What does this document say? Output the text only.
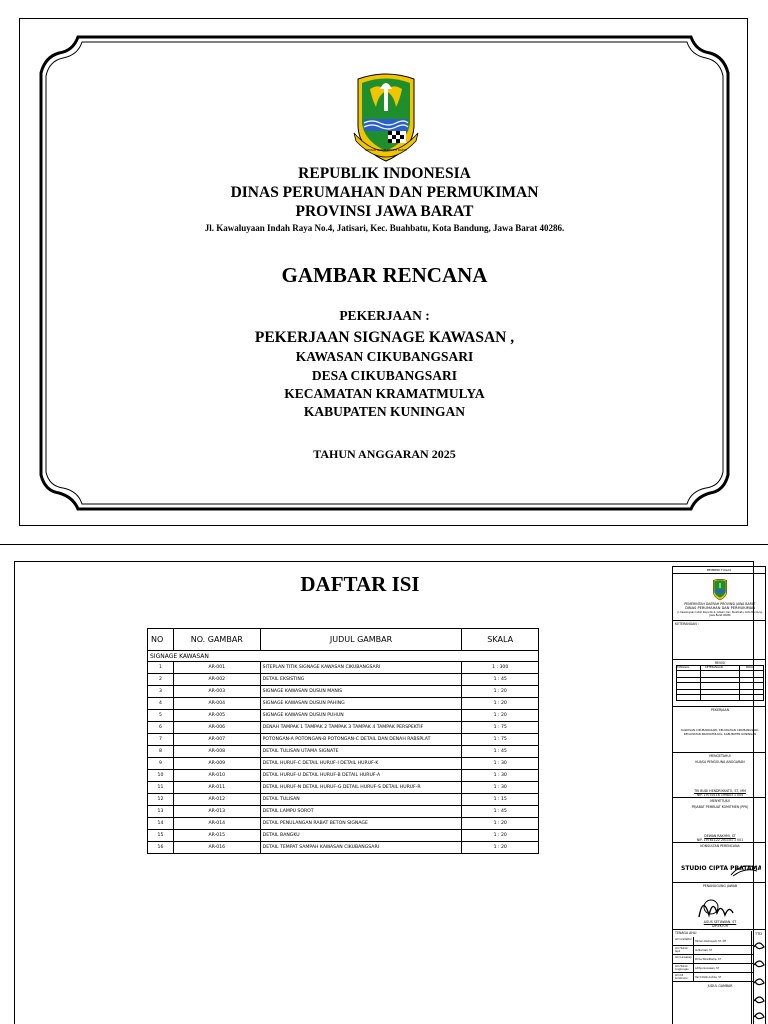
GEMAH RIPAH REPEH RAPIH
REPUBLIK INDONESIA
DINAS PERUMAHAN DAN PERMUKIMAN
PROVINSI JAWA BARAT
Jl. Kawaluyaan Indah Raya No.4, Jatisari, Kec. Buahbatu, Kota Bandung, Jawa Barat 40286.
GAMBAR RENCANA
PEKERJAAN :
PEKERJAAN SIGNAGE KAWASAN ,
KAWASAN CIKUBANGSARI
DESA CIKUBANGSARI
KECAMATAN KRAMATMULYA
KABUPATEN KUNINGAN
TAHUN ANGGARAN 2025
DAFTAR ISI
NO	NO. GAMBAR	JUDUL GAMBAR	SKALA
SIGNAGE KAWASAN			
1	AR-001	SITEPLAN TITIK SIGNAGE KAWASAN CIKUBANGSARI	1 : 300
2	AR-002	DETAIL EKSISTING	1 : 45
3	AR-003	SIGNAGE KAWASAN DUSUN MANIS	1 : 20
4	AR-004	SIGNAGE KAWASAN DUSUN PAHING	1 : 20
5	AR-005	SIGNAGE KAWASAN DUSUN PUHUN	1 : 20
6	AR-006	DENAH TAMPAK 1 TAMPAK 2 TAMPAK 3 TAMPAK 4 TAMPAK PERSPEKTIF	1 : 75
7	AR-007	POTONGAN-A POTONGAN-B POTONGAN-C DETAIL DAN DENAH RABSPLAT	1 : 75
8	AR-008	DETAIL TULISAN UTAMA SIGNATE	1 : 45
9	AR-009	DETAIL HURUF-C DETAIL HURUF-I DETAIL HURUF-K	1 : 30
10	AR-010	DETAIL HURUF-U DETAIL HURUF-B DETAIL HURUF-A	1 : 30
11	AR-011	DETAIL HURUF-N DETAIL HURUF-G DETAIL HURUF-S DETAIL HURUF-R	1 : 30
12	AR-012	DETAIL TULISAN	1 : 15
13	AR-013	DETAIL LAMPU SOROT	1 : 45
14	AR-014	DETAIL PENULANGAN RABAT BETON SIGNAGE	1 : 20
15	AR-015	DETAIL BANGKU	1 : 20
16	AR-016	DETAIL TEMPAT SAMPAH KAWASAN CIKUBANGSARI	1 : 20
PEMBERI TUGAS
PEMERINTAH DAERAH PROVINSI JAWA BARAT
DINAS PERUMAHAN DAN PERMUKIMAN
Jl. Kawaluyaan Indah Raya No.4, Jatisari, Kec. Buahbatu, Kota Bandung, Jawa Barat 40286
KETERANGAN :
REVISI
TANGGAL	KETERANGAN	PARAF
PEKERJAAN
KAWASAN CIKUBANGSARI, KELURAHAN CIKUBANGSARI, KECAMATAN KRAMATMULYA, KABUPATEN KUNINGAN
MENGETAHUI
KUASA PENGGUNA ANGGARAN
TRI BUDI HENDRIYANTO, ST, MM
NIP. 19750116 199803 1 004
MENYETUJUI
PEJABAT PEMBUAT KOMITMEN (PPK)
DEWAN RAKHMI, ST
NIP. 19781122 201101 1 001
KONSULTAN PERENCANA
STUDIO CIPTA PRATAMA
PENANGGUNG JAWAB
AGUS SETIAWAN, ST
DIREKTUR
TENAGA AHLI	TTD
Ahli Arsitektur
Hilman Rismayadi, ST, MT
Ahli Teknik Sipil	Iis Nurlaeli, ST
Ahli Lansekap
Prima Wiraditama, ST
Ahli Teknik Lingkungan	Aditya Gunawan, ST
Ahli K3 Konstruksi	Hardi Rizki Andika, ST
JUDUL GAMBAR
